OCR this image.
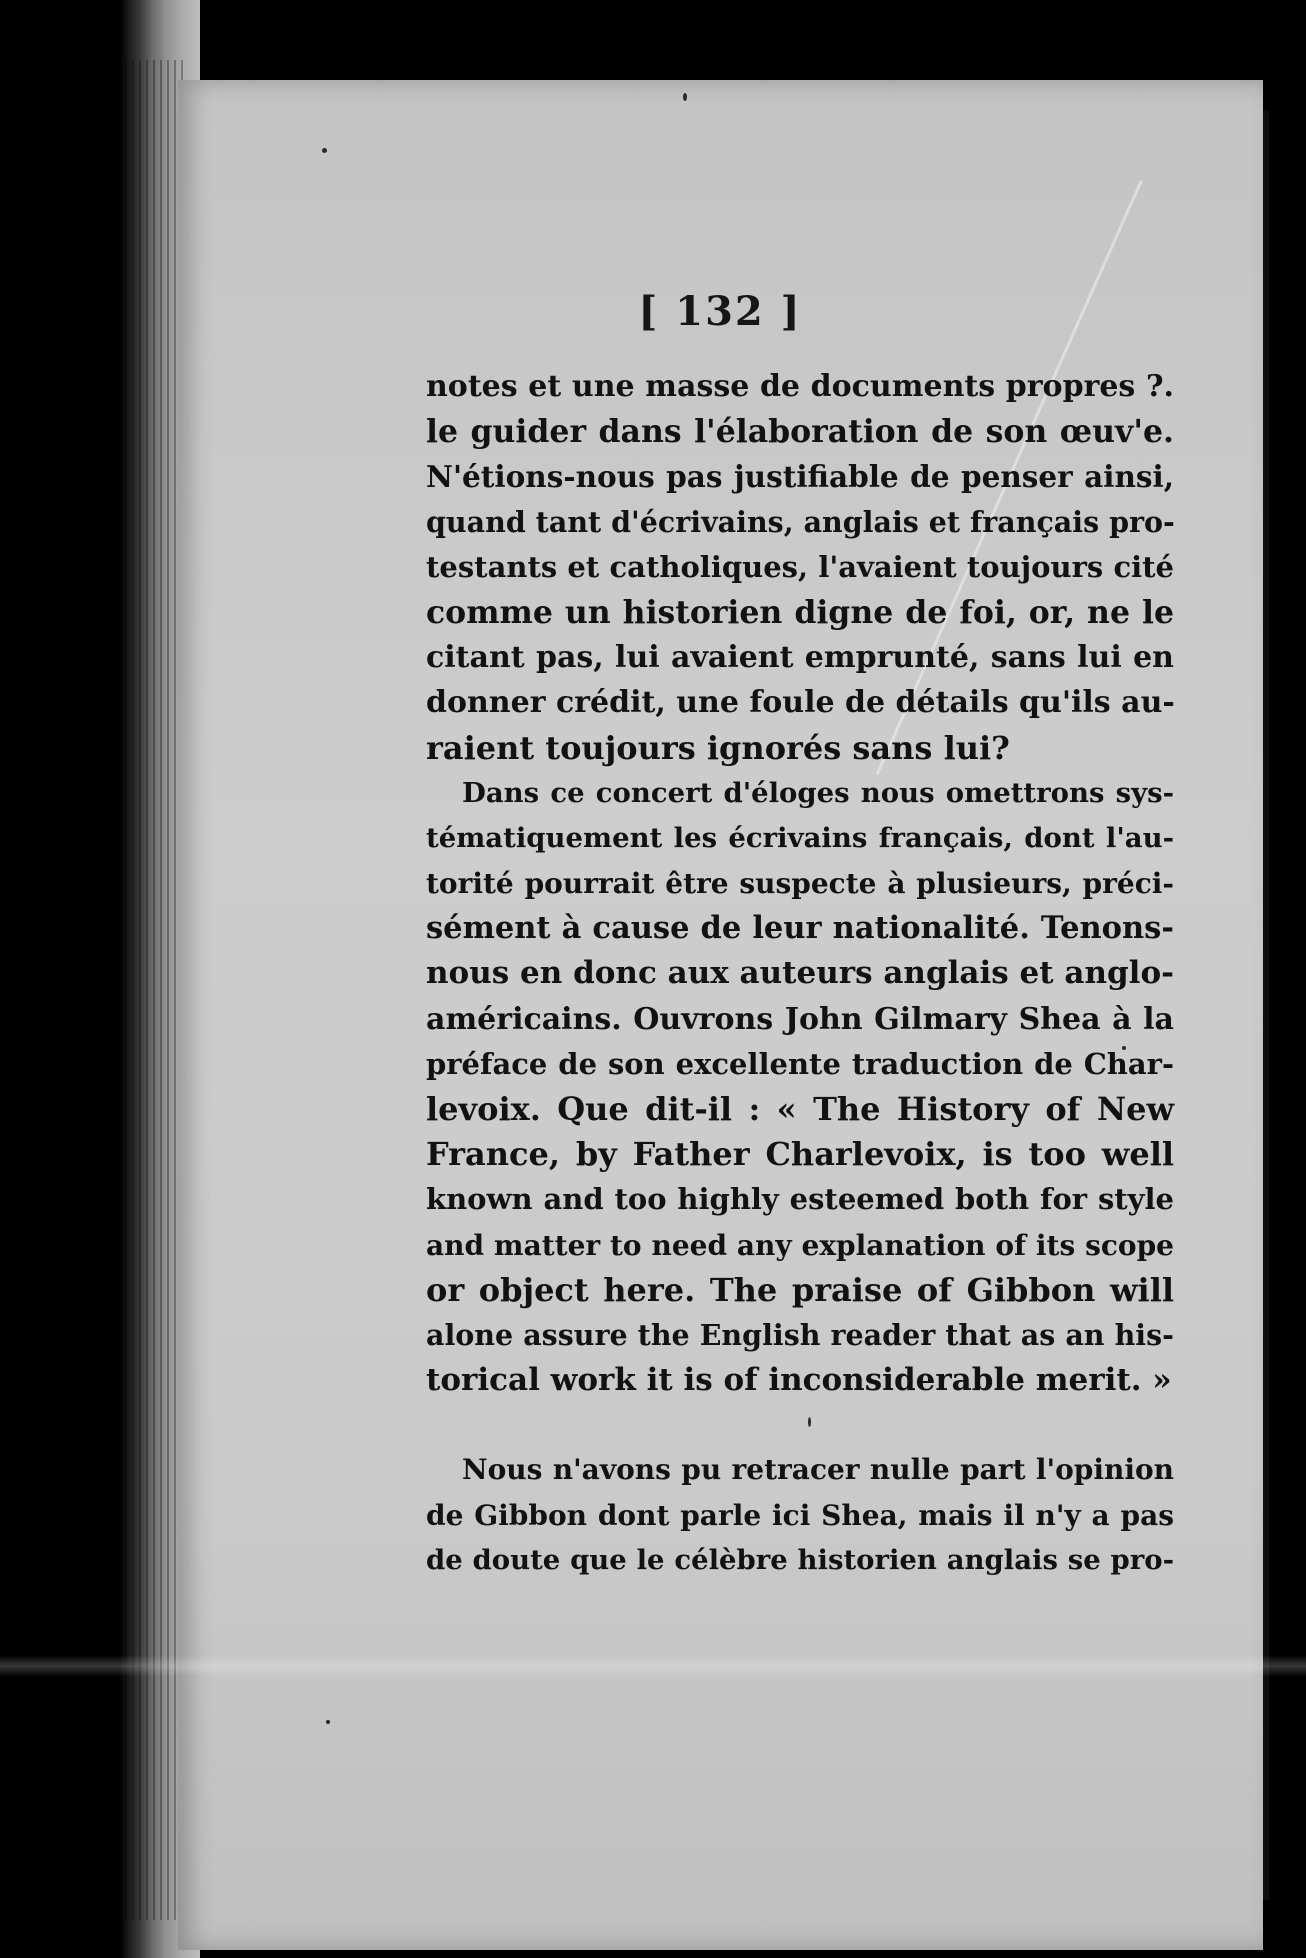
[ 132 ]
notes et une masse de documents propres ?.
le guider dans l'élaboration de son œuv'e.
N'étions-nous pas justifiable de penser ainsi,
quand tant d'écrivains, anglais et français pro-
testants et catholiques, l'avaient toujours cité
comme un historien digne de foi, or, ne le
citant pas, lui avaient emprunté, sans lui en
donner crédit, une foule de détails qu'ils au-
raient toujours ignorés sans lui?
Dans ce concert d'éloges nous omettrons sys-
tématiquement les écrivains français, dont l'au-
torité pourrait être suspecte à plusieurs, préci-
sément à cause de leur nationalité. Tenons-
nous en donc aux auteurs anglais et anglo-
américains. Ouvrons John Gilmary Shea à la
préface de son excellente traduction de Char-
levoix. Que dit-il : « The History of New
France, by Father Charlevoix, is too well
known and too highly esteemed both for style
and matter to need any explanation of its scope
or object here. The praise of Gibbon will
alone assure the English reader that as an his-
torical work it is of inconsiderable merit. »
Nous n'avons pu retracer nulle part l'opinion
de Gibbon dont parle ici Shea, mais il n'y a pas
de doute que le célèbre historien anglais se pro-
